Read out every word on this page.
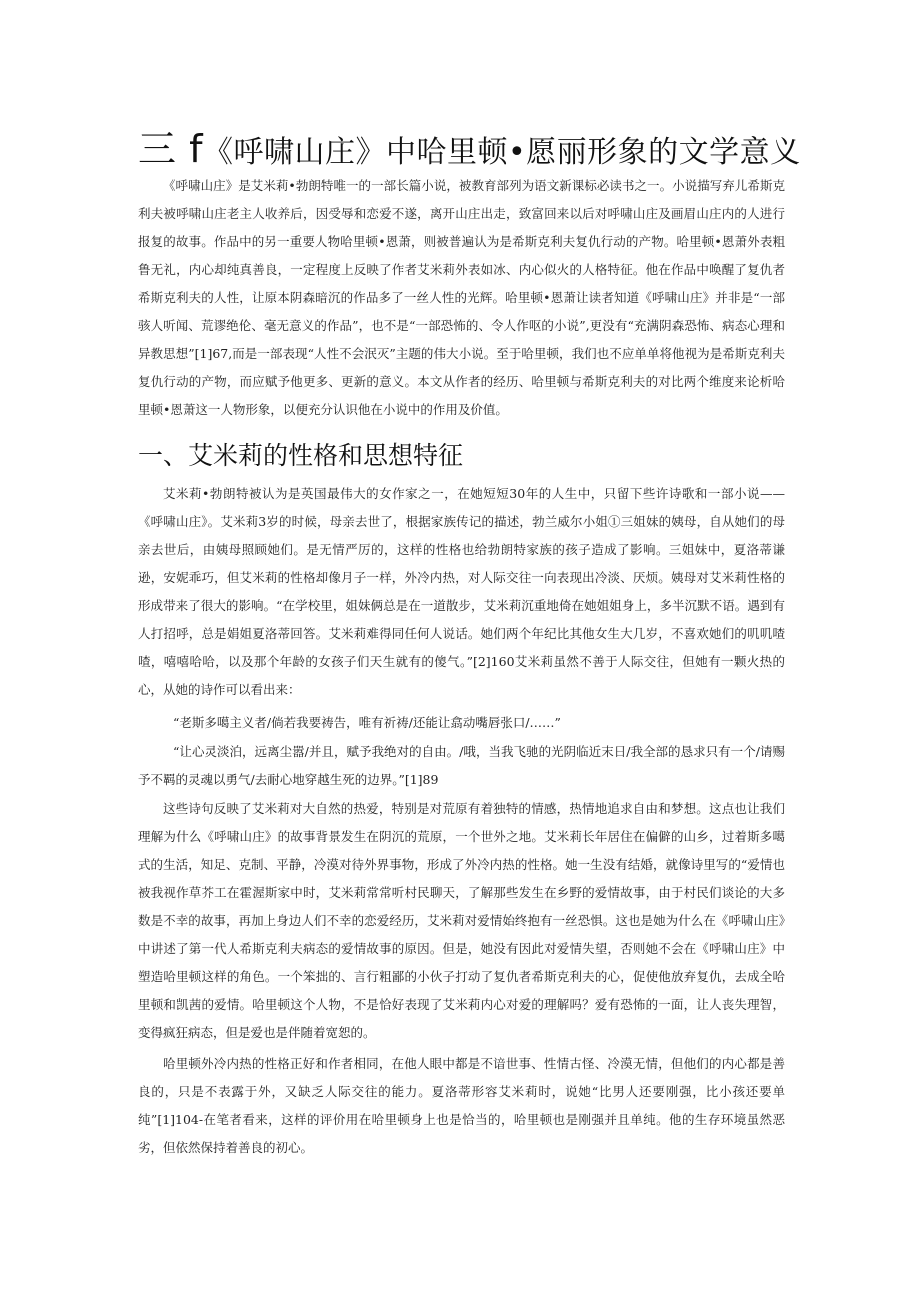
三 f《呼啸山庄》中哈里顿•愿丽形象的文学意义

《呼啸山庄》是艾米莉•勃朗特唯一的一部长篇小说，被教育部列为语文新课标必读书之一。小说描写弃儿希斯克利夫被呼啸山庄老主人收养后，因受辱和恋爱不遂，离开山庄出走，致富回来以后对呼啸山庄及画眉山庄内的人进行报复的故事。作品中的另一重要人物哈里顿•恩萧，则被普遍认为是希斯克利夫复仇行动的产物。哈里顿•恩萧外表粗鲁无礼，内心却纯真善良，一定程度上反映了作者艾米莉外表如冰、内心似火的人格特征。他在作品中唤醒了复仇者希斯克利夫的人性，让原本阴森暗沉的作品多了一丝人性的光辉。哈里顿•恩萧让读者知道《呼啸山庄》并非是“一部骇人听闻、荒谬绝伦、毫无意义的作品”，也不是“一部恐怖的、令人作呕的小说”,更没有“充满阴森恐怖、病态心理和异教思想”[1]67,而是一部表现“人性不会泯灭”主题的伟大小说。至于哈里顿，我们也不应单单将他视为是希斯克利夫复仇行动的产物，而应赋予他更多、更新的意义。本文从作者的经历、哈里顿与希斯克利夫的对比两个维度来论析哈里顿•恩萧这一人物形象，以便充分认识他在小说中的作用及价值。

一、艾米莉的性格和思想特征

艾米莉•勃朗特被认为是英国最伟大的女作家之一，在她短短30年的人生中，只留下些许诗歌和一部小说——《呼啸山庄》。艾米莉3岁的时候，母亲去世了，根据家族传记的描述，勃兰威尔小姐①三姐妹的姨母，自从她们的母亲去世后，由姨母照顾她们。是无情严厉的，这样的性格也给勃朗特家族的孩子造成了影响。三姐妹中，夏洛蒂谦逊，安妮乖巧，但艾米莉的性格却像月子一样，外冷内热，对人际交往一向表现出冷淡、厌烦。姨母对艾米莉性格的形成带来了很大的影响。“在学校里，姐妹俩总是在一道散步，艾米莉沉重地倚在她姐姐身上，多半沉默不语。遇到有人打招呼，总是娟姐夏洛蒂回答。艾米莉难得同任何人说话。她们两个年纪比其他女生大几岁，不喜欢她们的叽叽喳喳，嘻嘻哈哈，以及那个年龄的女孩子们天生就有的傻气。”[2]160艾米莉虽然不善于人际交往，但她有一颗火热的心，从她的诗作可以看出来：

“老斯多噶主义者/倘若我要祷告，唯有祈祷/还能让翕动嘴唇张口/……”

“让心灵淡泊，远离尘嚣/并且，赋予我绝对的自由。/哦，当我飞驰的光阴临近末日/我全部的恳求只有一个/请赐予不羁的灵魂以勇气/去耐心地穿越生死的边界。”[1]89

这些诗句反映了艾米莉对大自然的热爱，特别是对荒原有着独特的情感，热情地追求自由和梦想。这点也让我们理解为什么《呼啸山庄》的故事背景发生在阴沉的荒原，一个世外之地。艾米莉长年居住在偏僻的山乡，过着斯多噶式的生活，知足、克制、平静，冷漠对待外界事物，形成了外冷内热的性格。她一生没有结婚，就像诗里写的“爱情也被我视作草芥工在霍渥斯家中时，艾米莉常常听村民聊天，了解那些发生在乡野的爱情故事，由于村民们谈论的大多数是不幸的故事，再加上身边人们不幸的恋爱经历，艾米莉对爱情始终抱有一丝恐惧。这也是她为什么在《呼啸山庄》中讲述了第一代人希斯克利夫病态的爱情故事的原因。但是，她没有因此对爱情失望，否则她不会在《呼啸山庄》中塑造哈里顿这样的角色。一个笨拙的、言行粗鄙的小伙子打动了复仇者希斯克利夫的心，促使他放弃复仇，去成全哈里顿和凯茜的爱情。哈里顿这个人物，不是恰好表现了艾米莉内心对爱的理解吗？爱有恐怖的一面，让人丧失理智，变得疯狂病态，但是爱也是伴随着宽恕的。

哈里顿外冷内热的性格正好和作者相同，在他人眼中都是不谙世事、性情古怪、冷漠无情，但他们的内心都是善良的，只是不表露于外，又缺乏人际交往的能力。夏洛蒂形容艾米莉时，说她“比男人还要刚强，比小孩还要单纯”[1]104-在笔者看来，这样的评价用在哈里顿身上也是恰当的，哈里顿也是刚强并且单纯。他的生存环境虽然恶劣，但依然保持着善良的初心。
